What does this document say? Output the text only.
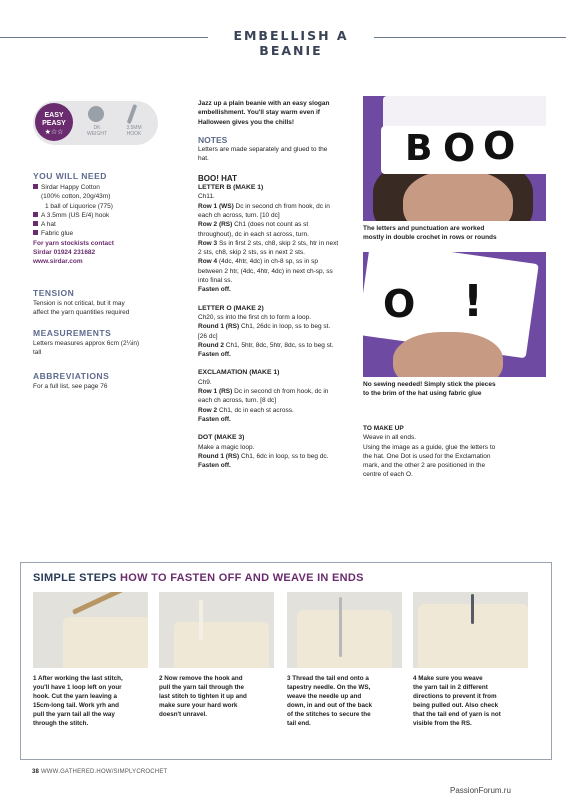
EMBELLISH A BEANIE
EASY
PEASY
★☆☆
DK WEIGHT
3.5MM HOOK
YOU WILL NEED
Sirdar Happy Cotton
(100% cotton, 20g/43m)
1 ball of Liquorice (775)
A 3.5mm (US E/4) hook
A hat
Fabric glue
For yarn stockists contact
Sirdar 01924 231682
www.sirdar.com
TENSION
Tension is not critical, but it may
affect the yarn quantities required
MEASUREMENTS
Letters measures approx 6cm (2¼in)
tall
ABBREVIATIONS
For a full list, see page 76
Jazz up a plain beanie with an easy slogan
embellishment. You'll stay warm even if
Halloween gives you the chills!
NOTES
Letters are made separately and glued to the
hat.
BOO! HAT
LETTER B (MAKE 1)
Ch11.
Row 1 (WS) Dc in second ch from hook, dc in
each ch across, turn. [10 dc]
Row 2 (RS) Ch1 (does not count as st
throughout), dc in each st across, turn.
Row 3 Ss in first 2 sts, ch8, skip 2 sts, htr in next
2 sts, ch8, skip 2 sts, ss in next 2 sts.
Row 4 (4dc, 4htr, 4dc) in ch-8 sp, ss in sp
between 2 htr, (4dc, 4htr, 4dc) in next ch-sp, ss
into final ss.
Fasten off.
LETTER O (MAKE 2)
Ch20, ss into the first ch to form a loop.
Round 1 (RS) Ch1, 26dc in loop, ss to beg st.
[26 dc]
Round 2 Ch1, 5htr, 8dc, 5htr, 8dc, ss to beg st.
Fasten off.
EXCLAMATION (MAKE 1)
Ch9.
Row 1 (RS) Dc in second ch from hook, dc in
each ch across, turn. [8 dc]
Row 2 Ch1, dc in each st across.
Fasten off.
DOT (MAKE 3)
Make a magic loop.
Round 1 (RS) Ch1, 6dc in loop, ss to beg dc.
Fasten off.
B O O
The letters and punctuation are worked
mostly in double crochet in rows or rounds
O !
No sewing needed! Simply stick the pieces
to the brim of the hat using fabric glue
TO MAKE UP
Weave in all ends.
Using the image as a guide, glue the letters to
the hat. One Dot is used for the Exclamation
mark, and the other 2 are positioned in the
centre of each O.
SIMPLE STEPS HOW TO FASTEN OFF AND WEAVE IN ENDS
1 After working the last stitch,
you'll have 1 loop left on your
hook. Cut the yarn leaving a
15cm-long tail. Work yrh and
pull the yarn tail all the way
through the stitch.
2 Now remove the hook and
pull the yarn tail through the
last stitch to tighten it up and
make sure your hard work
doesn't unravel.
3 Thread the tail end onto a
tapestry needle. On the WS,
weave the needle up and
down, in and out of the back
of the stitches to secure the
tail end.
4 Make sure you weave
the yarn tail in 2 different
directions to prevent it from
being pulled out. Also check
that the tail end of yarn is not
visible from the RS.
38 WWW.GATHERED.HOW/SIMPLYCROCHET
PassionForum.ru
